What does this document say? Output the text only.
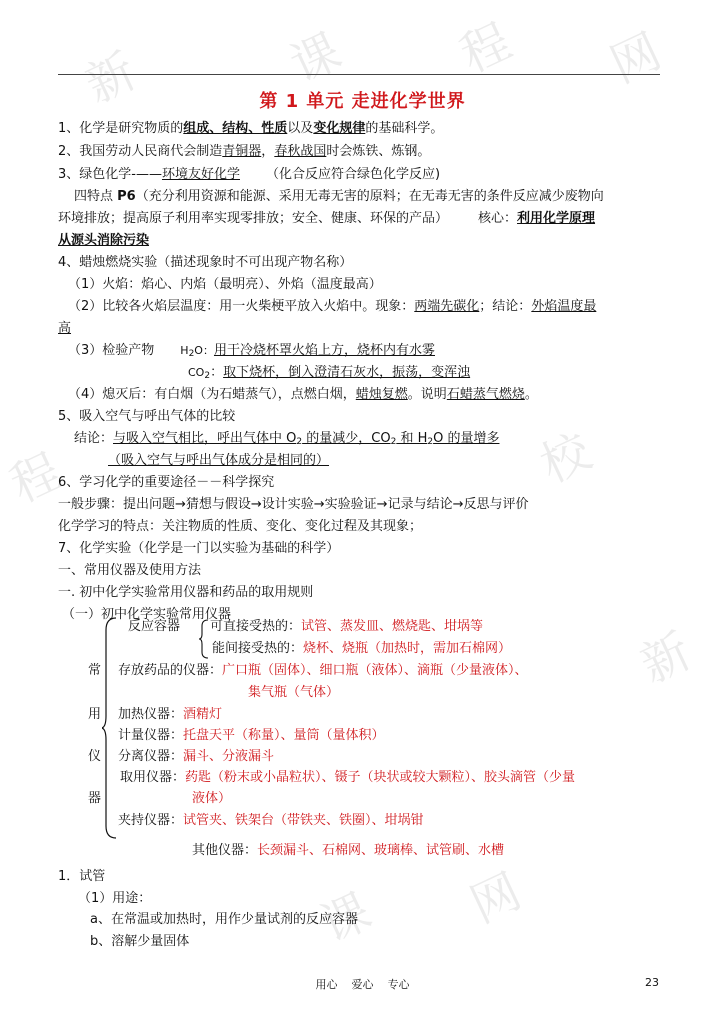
新	课 程 网
校
新
课 网
程
第 1 单元 走进化学世界
1、化学是研究物质的组成、结构、性质以及变化规律的基础科学。
2、我国劳动人民商代会制造青铜器，春秋战国时会炼铁、炼钢。
3、绿色化学-——环境友好化学 （化合反应符合绿色化学反应)
四特点 P6（充分利用资源和能源、采用无毒无害的原料；在无毒无害的条件反应减少废物向
环境排放；提高原子利用率实现零排放；安全、健康、环保的产品） 核心：利用化学原理
从源头消除污染
4、蜡烛燃烧实验（描述现象时不可出现产物名称）
（1）火焰：焰心、内焰（最明亮）、外焰（温度最高）
（2）比较各火焰层温度：用一火柴梗平放入火焰中。现象：两端先碳化；结论：外焰温度最
高
（3）检验产物 $H_2O$：用干冷烧杯罩火焰上方，烧杯内有水雾
$CO_2$：取下烧杯，倒入澄清石灰水，振荡，变浑浊
（4）熄灭后：有白烟（为石蜡蒸气），点燃白烟，蜡烛复燃。说明石蜡蒸气燃烧。
5、吸入空气与呼出气体的比较
结论：与吸入空气相比，呼出气体中 $O_2$ 的量减少，$CO_2$ 和 $H_2O$ 的量增多
（吸入空气与呼出气体成分是相同的）
6、学习化学的重要途径－－科学探究
一般步骤：提出问题→猜想与假设→设计实验→实验验证→记录与结论→反思与评价
化学学习的特点：关注物质的性质、变化、变化过程及其现象；
7、化学实验（化学是一门以实验为基础的科学）
一、常用仪器及使用方法
一. 初中化学实验常用仪器和药品的取用规则
（一）初中化学实验常用仪器
常
用
仪
器
反应容器 可直接受热的：试管、蒸发皿、燃烧匙、坩埚等
能间接受热的：烧杯、烧瓶（加热时，需加石棉网）
存放药品的仪器：广口瓶（固体）、细口瓶（液体）、滴瓶（少量液体）、
集气瓶（气体）
加热仪器：酒精灯
计量仪器：托盘天平（称量）、量筒（量体积）
分离仪器：漏斗、分液漏斗
取用仪器：药匙（粉末或小晶粒状）、镊子（块状或较大颗粒）、胶头滴管（少量
液体）
夹持仪器：试管夹、铁架台（带铁夹、铁圈）、坩埚钳
其他仪器：长颈漏斗、石棉网、玻璃棒、试管刷、水槽
1．试管
（1）用途：
a、在常温或加热时，用作少量试剂的反应容器
b、溶解少量固体
用心    爱心    专心	23
